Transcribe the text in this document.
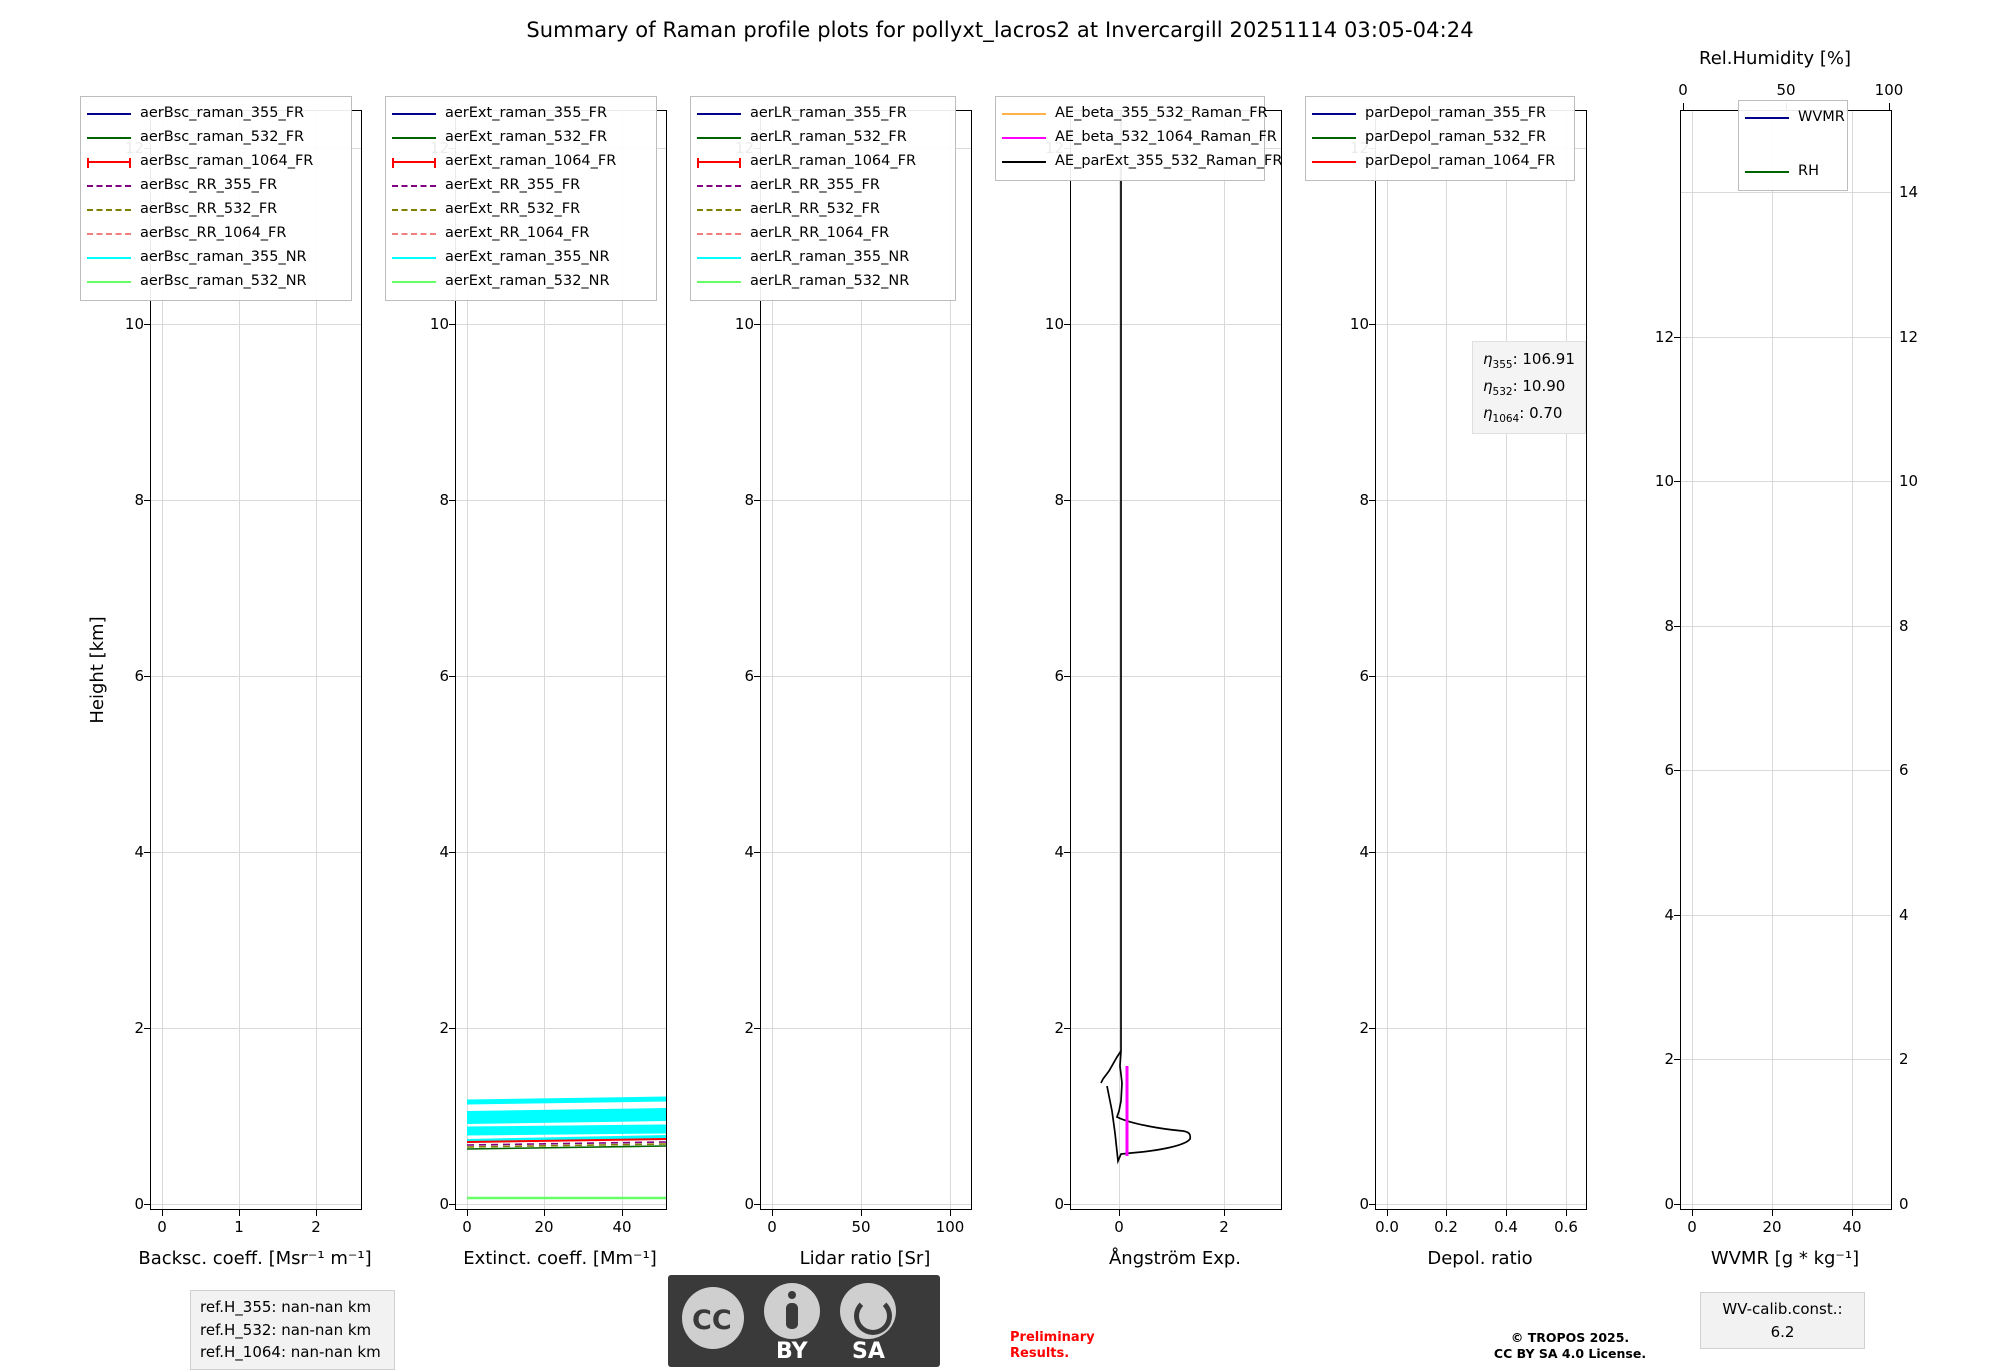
Summary of Raman profile plots for pollyxt_lacros2 at Invercargill 20251114 03:05-04:24
Height [km]
0
2
4
6
8
10
0	1	2
aerBsc_raman_355_FR
aerBsc_raman_532_FR
aerBsc_raman_1064_FR
aerBsc_RR_355_FR
aerBsc_RR_532_FR
aerBsc_RR_1064_FR
aerBsc_raman_355_NR
aerBsc_raman_532_NR
Backsc. coeff. [Msr⁻¹ m⁻¹]
0
2
4
6
8
10
0	20	40
aerExt_raman_355_FR
aerExt_raman_532_FR
aerExt_raman_1064_FR
aerExt_RR_355_FR
aerExt_RR_532_FR
aerExt_RR_1064_FR
aerExt_raman_355_NR
aerExt_raman_532_NR
Extinct. coeff. [Mm⁻¹]
0
2
4
6
8
10
0	50	100
aerLR_raman_355_FR
aerLR_raman_532_FR
aerLR_raman_1064_FR
aerLR_RR_355_FR
aerLR_RR_532_FR
aerLR_RR_1064_FR
aerLR_raman_355_NR
aerLR_raman_532_NR
Lidar ratio [Sr]
0
2
4
6
8
10
0	2
AE_beta_355_532_Raman_FR
AE_beta_532_1064_Raman_FR
AE_parExt_355_532_Raman_FR
Ångström Exp.
0
2
4
6
8
10
0.0 0.2 0.4 0.6
$\eta_{355}$: 106.91
$\eta_{532}$: 10.90
$\eta_{1064}$: 0.70
parDepol_raman_355_FR
parDepol_raman_532_FR
parDepol_raman_1064_FR
Depol. ratio
Rel.Humidity [%]
0
2
4
6
8
10
12
14
0
2
4
6
8
10
12
0	20	40
0	50	100
WVMR
RH
WVMR [g * kg⁻¹]
ref.H_355: nan-nan km
ref.H_532: nan-nan km
ref.H_1064: nan-nan km
CC
BY SA
Preliminary
Results.
© TROPOS 2025.
CC BY SA 4.0 License.
WV-calib.const.: 6.2
